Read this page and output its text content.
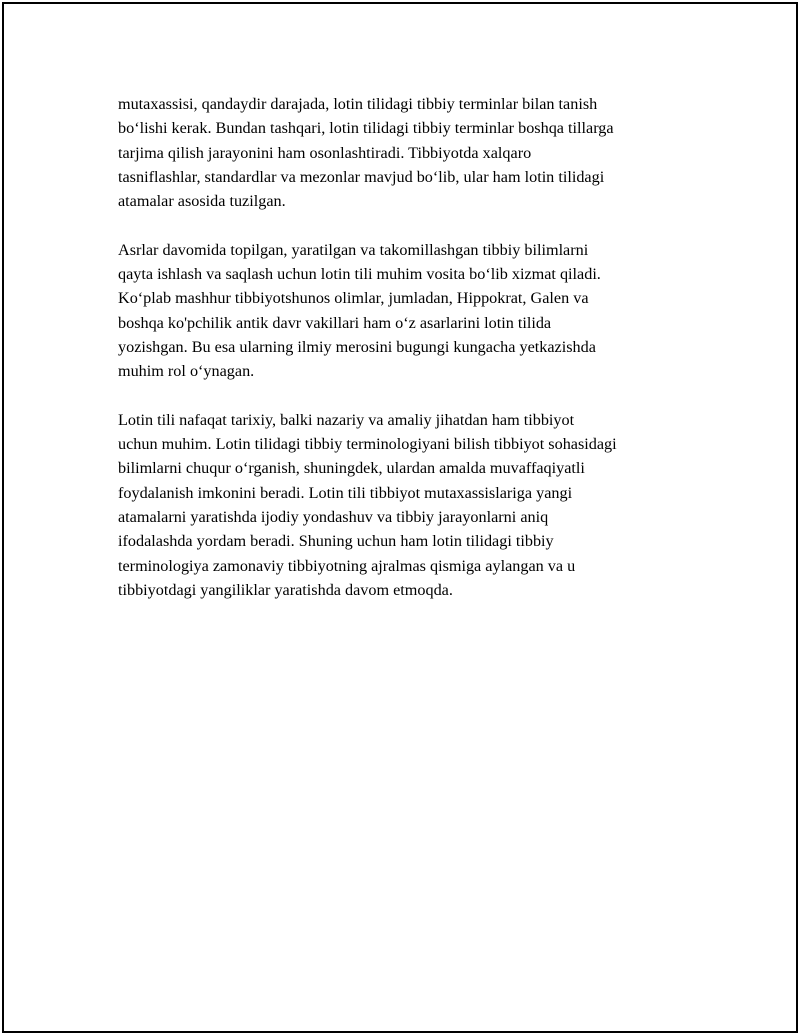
mutaxassisi, qandaydir darajada, lotin tilidagi tibbiy terminlar bilan tanish
bo‘lishi kerak. Bundan tashqari, lotin tilidagi tibbiy terminlar boshqa tillarga
tarjima qilish jarayonini ham osonlashtiradi. Tibbiyotda xalqaro
tasniflashlar, standardlar va mezonlar mavjud bo‘lib, ular ham lotin tilidagi
atamalar asosida tuzilgan.

Asrlar davomida topilgan, yaratilgan va takomillashgan tibbiy bilimlarni
qayta ishlash va saqlash uchun lotin tili muhim vosita bo‘lib xizmat qiladi.
Ko‘plab mashhur tibbiyotshunos olimlar, jumladan, Hippokrat, Galen va
boshqa ko'pchilik antik davr vakillari ham o‘z asarlarini lotin tilida
yozishgan. Bu esa ularning ilmiy merosini bugungi kungacha yetkazishda
muhim rol o‘ynagan.

Lotin tili nafaqat tarixiy, balki nazariy va amaliy jihatdan ham tibbiyot
uchun muhim. Lotin tilidagi tibbiy terminologiyani bilish tibbiyot sohasidagi
bilimlarni chuqur o‘rganish, shuningdek, ulardan amalda muvaffaqiyatli
foydalanish imkonini beradi. Lotin tili tibbiyot mutaxassislariga yangi
atamalarni yaratishda ijodiy yondashuv va tibbiy jarayonlarni aniq
ifodalashda yordam beradi. Shuning uchun ham lotin tilidagi tibbiy
terminologiya zamonaviy tibbiyotning ajralmas qismiga aylangan va u
tibbiyotdagi yangiliklar yaratishda davom etmoqda.
